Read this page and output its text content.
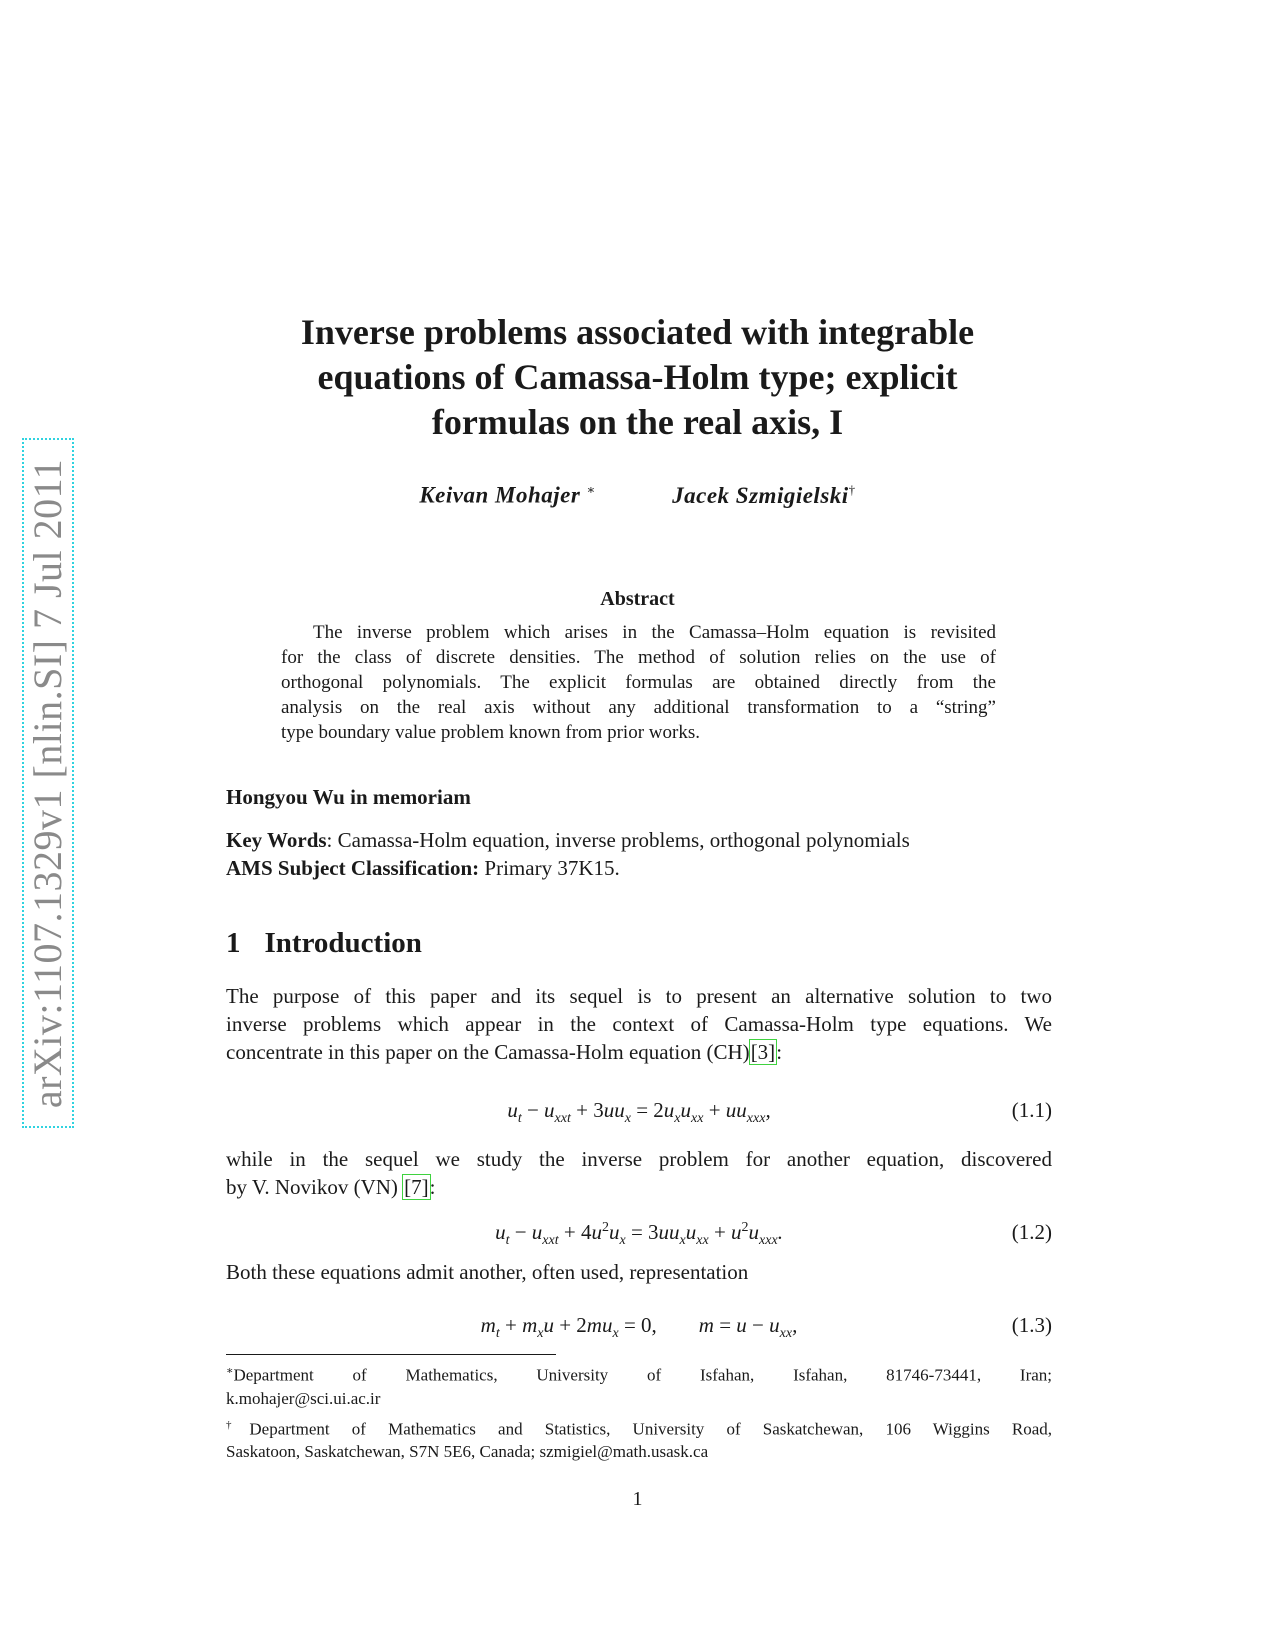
arXiv:1107.1329v1 [nlin.SI] 7 Jul 2011
Inverse problems associated with integrable
equations of Camassa-Holm type; explicit
formulas on the real axis, I
Keivan Mohajer ∗	Jacek Szmigielski†
Abstract
The inverse problem which arises in the Camassa–Holm equation is revisited
for the class of discrete densities. The method of solution relies on the use of
orthogonal polynomials. The explicit formulas are obtained directly from the
analysis on the real axis without any additional transformation to a “string”
type boundary value problem known from prior works.
Hongyou Wu in memoriam
Key Words: Camassa-Holm equation, inverse problems, orthogonal polynomials
AMS Subject Classification: Primary 37K15.
1 Introduction
The purpose of this paper and its sequel is to present an alternative solution to two
inverse problems which appear in the context of Camassa-Holm type equations. We
concentrate in this paper on the Camassa-Holm equation (CH)[3]:
$u_t - u_{xxt} + 3uu_x = 2u_xu_{xx} + uu_{xxx}$,	(1.1)
while in the sequel we study the inverse problem for another equation, discovered
by V. Novikov (VN) [7]:
$u_t - u_{xxt} + 4u^2u_x = 3uu_xu_{xx} + u^2u_{xxx}$.	(1.2)
Both these equations admit another, often used, representation
$m_t + m_xu + 2mu_x = 0$,        $m = u - u_{xx}$,	(1.3)
∗Department of Mathematics, University of Isfahan, Isfahan, 81746-73441, Iran;
k.mohajer@sci.ui.ac.ir
†Department of Mathematics and Statistics, University of Saskatchewan, 106 Wiggins Road,
Saskatoon, Saskatchewan, S7N 5E6, Canada; szmigiel@math.usask.ca
1
